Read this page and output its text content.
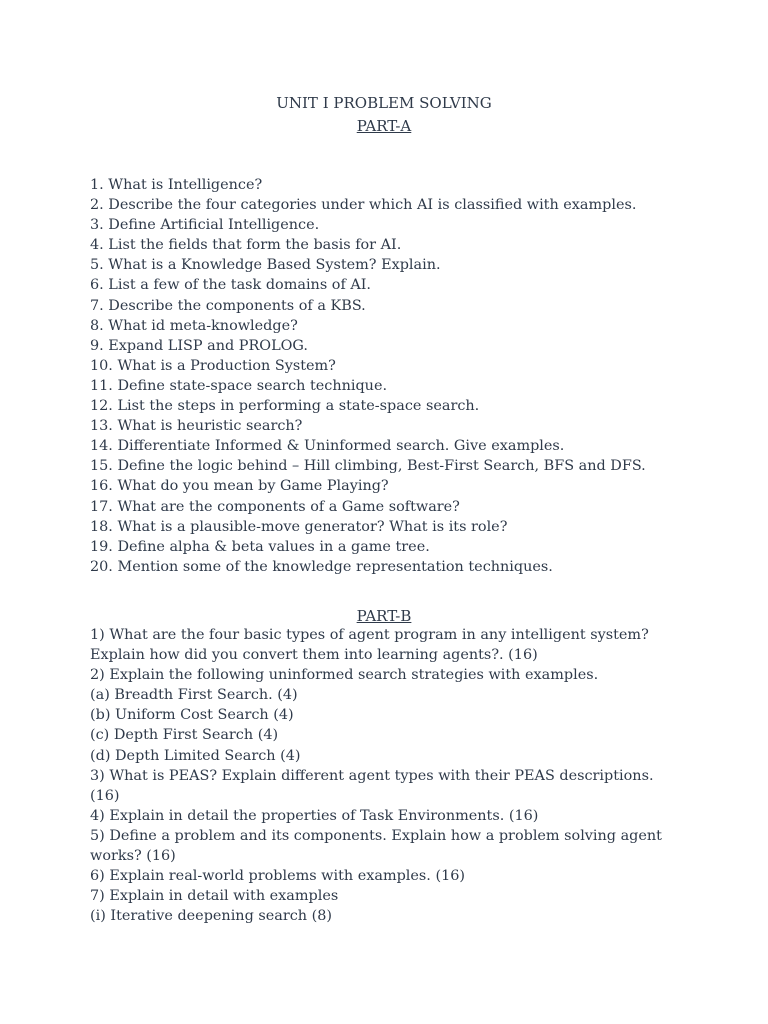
UNIT I PROBLEM SOLVING
PART-A
1. What is Intelligence?
2. Describe the four categories under which AI is classified with examples.
3. Define Artificial Intelligence.
4. List the fields that form the basis for AI.
5. What is a Knowledge Based System? Explain.
6. List a few of the task domains of AI.
7. Describe the components of a KBS.
8. What id meta-knowledge?
9. Expand LISP and PROLOG.
10. What is a Production System?
11. Define state-space search technique.
12. List the steps in performing a state-space search.
13. What is heuristic search?
14. Differentiate Informed & Uninformed search. Give examples.
15. Define the logic behind – Hill climbing, Best-First Search, BFS and DFS.
16. What do you mean by Game Playing?
17. What are the components of a Game software?
18. What is a plausible-move generator? What is its role?
19. Define alpha & beta values in a game tree.
20. Mention some of the knowledge representation techniques.
PART-B
1) What are the four basic types of agent program in any intelligent system?
Explain how did you convert them into learning agents?. (16)
2) Explain the following uninformed search strategies with examples.
(a) Breadth First Search. (4)
(b) Uniform Cost Search (4)
(c) Depth First Search (4)
(d) Depth Limited Search (4)
3) What is PEAS? Explain different agent types with their PEAS descriptions.
(16)
4) Explain in detail the properties of Task Environments. (16)
5) Define a problem and its components. Explain how a problem solving agent
works? (16)
6) Explain real-world problems with examples. (16)
7) Explain in detail with examples
(i) Iterative deepening search (8)
